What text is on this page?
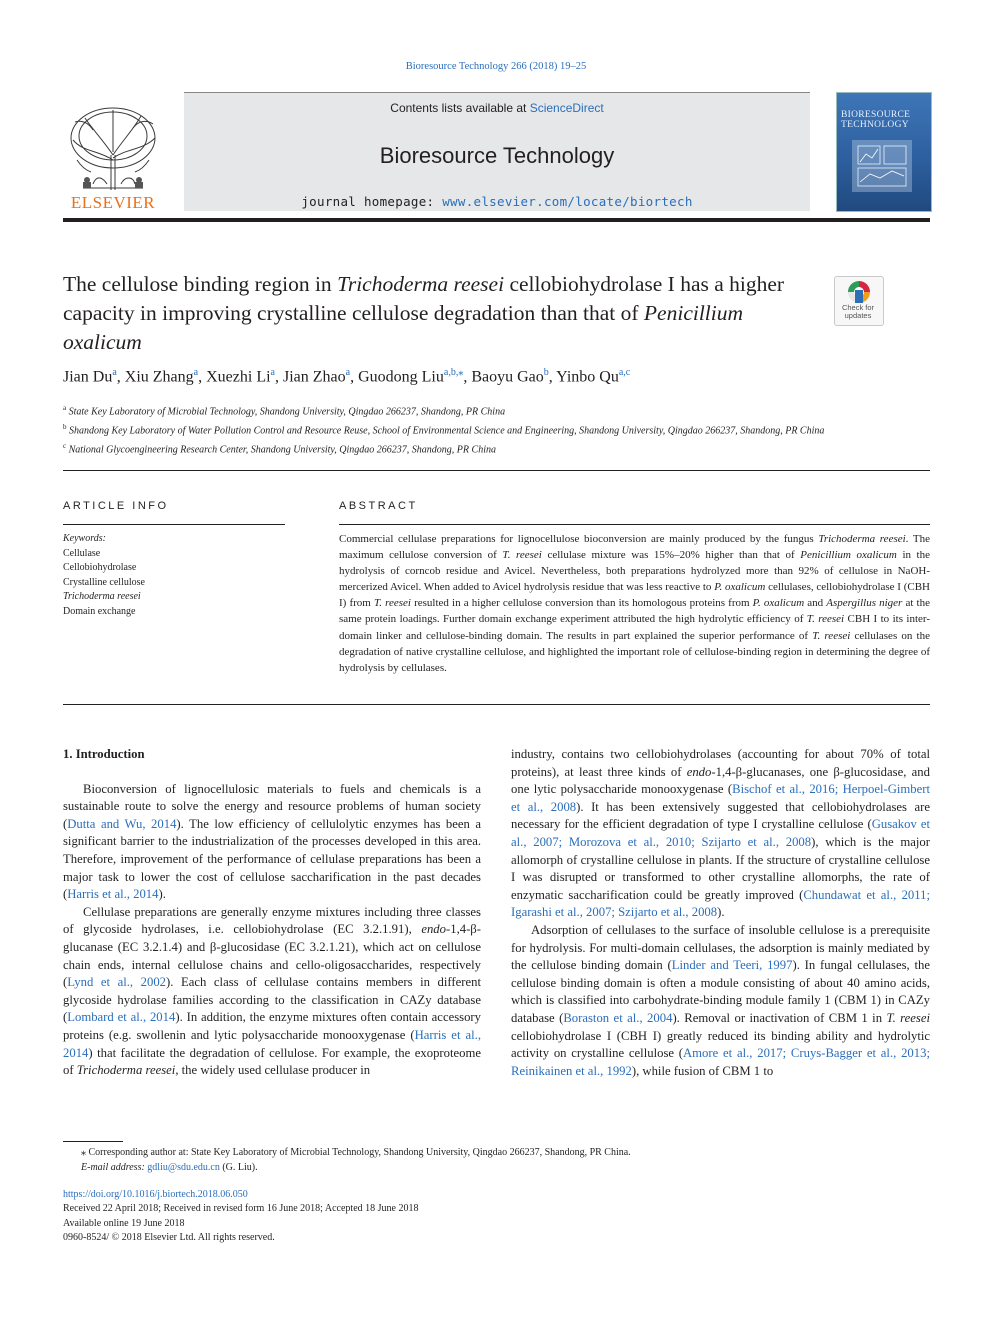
Bioresource Technology 266 (2018) 19–25
ELSEVIER
Contents lists available at ScienceDirect
Bioresource Technology
journal homepage: www.elsevier.com/locate/biortech
BIORESOURCE TECHNOLOGY
The cellulose binding region in Trichoderma reesei cellobiohydrolase I has a higher capacity in improving crystalline cellulose degradation than that of Penicillium oxalicum
Check for updates
Jian Du$^a$, Xiu Zhang$^a$, Xuezhi Li$^a$, Jian Zhao$^a$, Guodong Liu$^{a,b,⁎}$, Baoyu Gao$^b$, Yinbo Qu$^{a,c}$
$^a$ State Key Laboratory of Microbial Technology, Shandong University, Qingdao 266237, Shandong, PR China
$^b$ Shandong Key Laboratory of Water Pollution Control and Resource Reuse, School of Environmental Science and Engineering, Shandong University, Qingdao 266237, Shandong, PR China
$^c$ National Glycoengineering Research Center, Shandong University, Qingdao 266237, Shandong, PR China
ARTICLE INFO
Keywords:
Cellulase
Cellobiohydrolase
Crystalline cellulose
Trichoderma reesei
Domain exchange
ABSTRACT
Commercial cellulase preparations for lignocellulose bioconversion are mainly produced by the fungus Trichoderma reesei. The maximum cellulose conversion of T. reesei cellulase mixture was 15%–20% higher than that of Penicillium oxalicum in the hydrolysis of corncob residue and Avicel. Nevertheless, both preparations hydrolyzed more than 92% of cellulose in NaOH-mercerized Avicel. When added to Avicel hydrolysis residue that was less reactive to P. oxalicum cellulases, cellobiohydrolase I (CBH I) from T. reesei resulted in a higher cellulose conversion than its homologous proteins from P. oxalicum and Aspergillus niger at the same protein loadings. Further domain exchange experiment attributed the high hydrolytic efficiency of T. reesei CBH I to its inter-domain linker and cellulose-binding domain. The results in part explained the superior performance of T. reesei cellulases on the degradation of native crystalline cellulose, and highlighted the important role of cellulose-binding region in determining the degree of hydrolysis by cellulases.
1. Introduction

Bioconversion of lignocellulosic materials to fuels and chemicals is a sustainable route to solve the energy and resource problems of human society (Dutta and Wu, 2014). The low efficiency of cellulolytic enzymes has been a significant barrier to the industrialization of the processes developed in this area. Therefore, improvement of the performance of cellulase preparations has been a major task to lower the cost of cellulose saccharification in the past decades (Harris et al., 2014).

Cellulase preparations are generally enzyme mixtures including three classes of glycoside hydrolases, i.e. cellobiohydrolase (EC 3.2.1.91), endo-1,4-β-glucanase (EC 3.2.1.4) and β-glucosidase (EC 3.2.1.21), which act on cellulose chain ends, internal cellulose chains and cello-oligosaccharides, respectively (Lynd et al., 2002). Each class of cellulase contains members in different glycoside hydrolase families according to the classification in CAZy database (Lombard et al., 2014). In addition, the enzyme mixtures often contain accessory proteins (e.g. swollenin and lytic polysaccharide monooxygenase (Harris et al., 2014) that facilitate the degradation of cellulose. For example, the exoproteome of Trichoderma reesei, the widely used cellulase producer in

industry, contains two cellobiohydrolases (accounting for about 70% of total proteins), at least three kinds of endo-1,4-β-glucanases, one β-glucosidase, and one lytic polysaccharide monooxygenase (Bischof et al., 2016; Herpoel-Gimbert et al., 2008). It has been extensively suggested that cellobiohydrolases are necessary for the efficient degradation of type I crystalline cellulose (Gusakov et al., 2007; Morozova et al., 2010; Szijarto et al., 2008), which is the major allomorph of crystalline cellulose in plants. If the structure of crystalline cellulose I was disrupted or transformed to other crystalline allomorphs, the rate of enzymatic saccharification could be greatly improved (Chundawat et al., 2011; Igarashi et al., 2007; Szijarto et al., 2008).

Adsorption of cellulases to the surface of insoluble cellulose is a prerequisite for hydrolysis. For multi-domain cellulases, the adsorption is mainly mediated by the cellulose binding domain (Linder and Teeri, 1997). In fungal cellulases, the cellulose binding domain is often a module consisting of about 40 amino acids, which is classified into carbohydrate-binding module family 1 (CBM 1) in CAZy database (Boraston et al., 2004). Removal or inactivation of CBM 1 in T. reesei cellobiohydrolase I (CBH I) greatly reduced its binding ability and hydrolytic activity on crystalline cellulose (Amore et al., 2017; Cruys-Bagger et al., 2013; Reinikainen et al., 1992), while fusion of CBM 1 to

⁎ Corresponding author at: State Key Laboratory of Microbial Technology, Shandong University, Qingdao 266237, Shandong, PR China.
E-mail address: gdliu@sdu.edu.cn (G. Liu).
https://doi.org/10.1016/j.biortech.2018.06.050
Received 22 April 2018; Received in revised form 16 June 2018; Accepted 18 June 2018
Available online 19 June 2018
0960-8524/ © 2018 Elsevier Ltd. All rights reserved.
